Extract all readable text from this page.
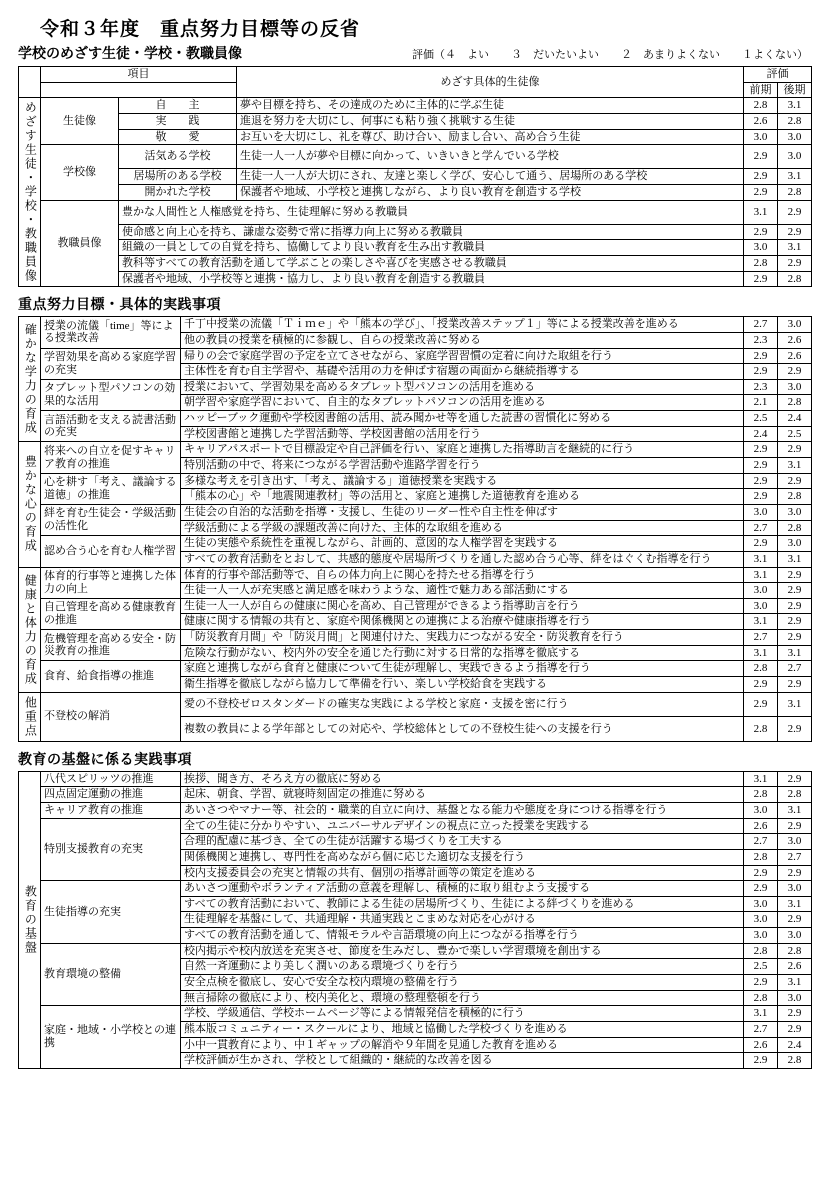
令和３年度　重点努力目標等の反省
学校のめざす生徒・学校・教職員像	評価（４　よい　　３　だいたいよい　　２　あまりよくない　　１よくない）
	項目		めざす具体的生徒像	評価	
				前期	後期

めざす生徒・学校・教職員像	生徒像	自　　主	夢や目標を持ち、その達成のために主体的に学ぶ生徒	2.8	3.1
		実　　践	進退を努力を大切にし、何事にも粘り強く挑戦する生徒	2.6	2.8
		敬　　愛	お互いを大切にし、礼を尊び、助け合い、励まし合い、高め合う生徒	3.0	3.0
	学校像	活気ある学校	生徒一人一人が夢や目標に向かって、いきいきと学んでいる学校	2.9	3.0
		居場所のある学校	生徒一人一人が大切にされ、友達と楽しく学び、安心して通う、居場所のある学校	2.9	3.1
		開かれた学校	保護者や地域、小学校と連携しながら、より良い教育を創造する学校	2.9	2.8
	教職員像	豊かな人間性と人権感覚を持ち、生徒理解に努める教職員		3.1	2.9
		使命感と向上心を持ち、謙虚な姿勢で常に指導力向上に努める教職員		2.9	2.9
		組織の一員としての自覚を持ち、協働してより良い教育を生み出す教職員		3.0	3.1
		教科等すべての教育活動を通して学ぶことの楽しさや喜びを実感させる教職員		2.8	2.9
		保護者や地域、小学校等と連携・協力し、より良い教育を創造する教職員		2.9	2.8
重点努力目標・具体的実践事項
確かな学力の育成	授業の流儀「time」等による授業改善	千丁中授業の流儀「Ｔｉｍｅ」や「熊本の学び」、「授業改善ステップ１」等による授業改善を進める	2.7	3.0
		他の教員の授業を積極的に参観し、自らの授業改善に努める	2.3	2.6
	学習効果を高める家庭学習の充実	帰りの会で家庭学習の予定を立てさせながら、家庭学習習慣の定着に向けた取組を行う	2.9	2.6
		主体性を育む自主学習や、基礎や活用の力を伸ばす宿題の両面から継続指導する	2.9	2.9
	タブレット型パソコンの効果的な活用	授業において、学習効果を高めるタブレット型パソコンの活用を進める	2.3	3.0
		朝学習や家庭学習において、自主的なタブレットパソコンの活用を進める	2.1	2.8
	言語活動を支える読書活動の充実	ハッピーブック運動や学校図書館の活用、読み聞かせ等を通した読書の習慣化に努める	2.5	2.4
		学校図書館と連携した学習活動等、学校図書館の活用を行う	2.4	2.5

豊かな心の育成	将来への自立を促すキャリア教育の推進	キャリアパスポートで目標設定や自己評価を行い、家庭と連携した指導助言を継続的に行う	2.9	2.9
		特別活動の中で、将来につながる学習活動や進路学習を行う	2.9	3.1
	心を耕す「考え、議論する道徳」の推進	多様な考えを引き出す、「考え、議論する」道徳授業を実践する	2.9	2.9
		「熊本の心」や「地震関連教材」等の活用と、家庭と連携した道徳教育を進める	2.9	2.8
	絆を育む生徒会・学級活動の活性化	生徒会の自治的な活動を指導・支援し、生徒のリーダー性や自主性を伸ばす	3.0	3.0
		学級活動による学級の課題改善に向けた、主体的な取組を進める	2.7	2.8
	認め合う心を育む人権学習	生徒の実態や系統性を重視しながら、計画的、意図的な人権学習を実践する	2.9	3.0
		すべての教育活動をとおして、共感的態度や居場所づくりを通した認め合う心等、絆をはぐくむ指導を行う	3.1	3.1

健康と体力の育成	体育的行事等と連携した体力の向上	体育的行事や部活動等で、自らの体力向上に関心を持たせる指導を行う	3.1	2.9
		生徒一人一人が充実感と満足感を味わうような、適性で魅力ある部活動にする	3.0	2.9
	自己管理を高める健康教育の推進	生徒一人一人が自らの健康に関心を高め、自己管理ができるよう指導助言を行う	3.0	2.9
		健康に関する情報の共有と、家庭や関係機関との連携による治療や健康指導を行う	3.1	2.9
	危機管理を高める安全・防災教育の推進	「防災教育月間」や「防災月間」と関連付けた、実践力につながる安全・防災教育を行う	2.7	2.9
		危険な行動がない、校内外の安全を通じた行動に対する日常的な指導を徹底する	3.1	3.1
	食育、給食指導の推進	家庭と連携しながら食育と健康について生徒が理解し、実践できるよう指導を行う	2.8	2.7
		衛生指導を徹底しながら協力して準備を行い、楽しい学校給食を実践する	2.9	2.9

他重点	不登校の解消	愛の不登校ゼロスタンダードの確実な実践による学校と家庭・支援を密に行う	2.9	3.1
		複数の教員による学年部としての対応や、学校総体としての不登校生徒への支援を行う	2.8	2.9
教育の基盤に係る実践事項
教育の基盤	八代スピリッツの推進	挨拶、聞き方、そろえ方の徹底に努める	3.1	2.9
	四点固定運動の推進	起床、朝食、学習、就寝時刻固定の推進に努める	2.8	2.8
	キャリア教育の推進	あいさつやマナー等、社会的・職業的自立に向け、基盤となる能力や態度を身につける指導を行う	3.0	3.1
	特別支援教育の充実	全ての生徒に分かりやすい、ユニバーサルデザインの視点に立った授業を実践する	2.6	2.9
		合理的配慮に基づき、全ての生徒が活躍する場づくりを工夫する	2.7	3.0
		関係機関と連携し、専門性を高めながら個に応じた適切な支援を行う	2.8	2.7
		校内支援委員会の充実と情報の共有、個別の指導計画等の策定を進める	2.9	2.9
	生徒指導の充実	あいさつ運動やボランティア活動の意義を理解し、積極的に取り組むよう支援する	2.9	3.0
		すべての教育活動において、教師による生徒の居場所づくり、生徒による絆づくりを進める	3.0	3.1
		生徒理解を基盤にして、共通理解・共通実践とこまめな対応を心がける	3.0	2.9
		すべての教育活動を通して、情報モラルや言語環境の向上につながる指導を行う	3.0	3.0
	教育環境の整備	校内掲示や校内放送を充実させ、節度を生みだし、豊かで楽しい学習環境を創出する	2.8	2.8
		自然一斉運動により美しく潤いのある環境づくりを行う	2.5	2.6
		安全点検を徹底し、安心で安全な校内環境の整備を行う	2.9	3.1
		無言掃除の徹底により、校内美化と、環境の整理整頓を行う	2.8	3.0
	家庭・地域・小学校との連携	学校、学級通信、学校ホームページ等による情報発信を積極的に行う	3.1	2.9
		熊本版コミュニティー・スクールにより、地域と協働した学校づくりを進める	2.7	2.9
		小中一貫教育により、中１ギャップの解消や９年間を見通した教育を進める	2.6	2.4
		学校評価が生かされ、学校として組織的・継続的な改善を図る	2.9	2.8
